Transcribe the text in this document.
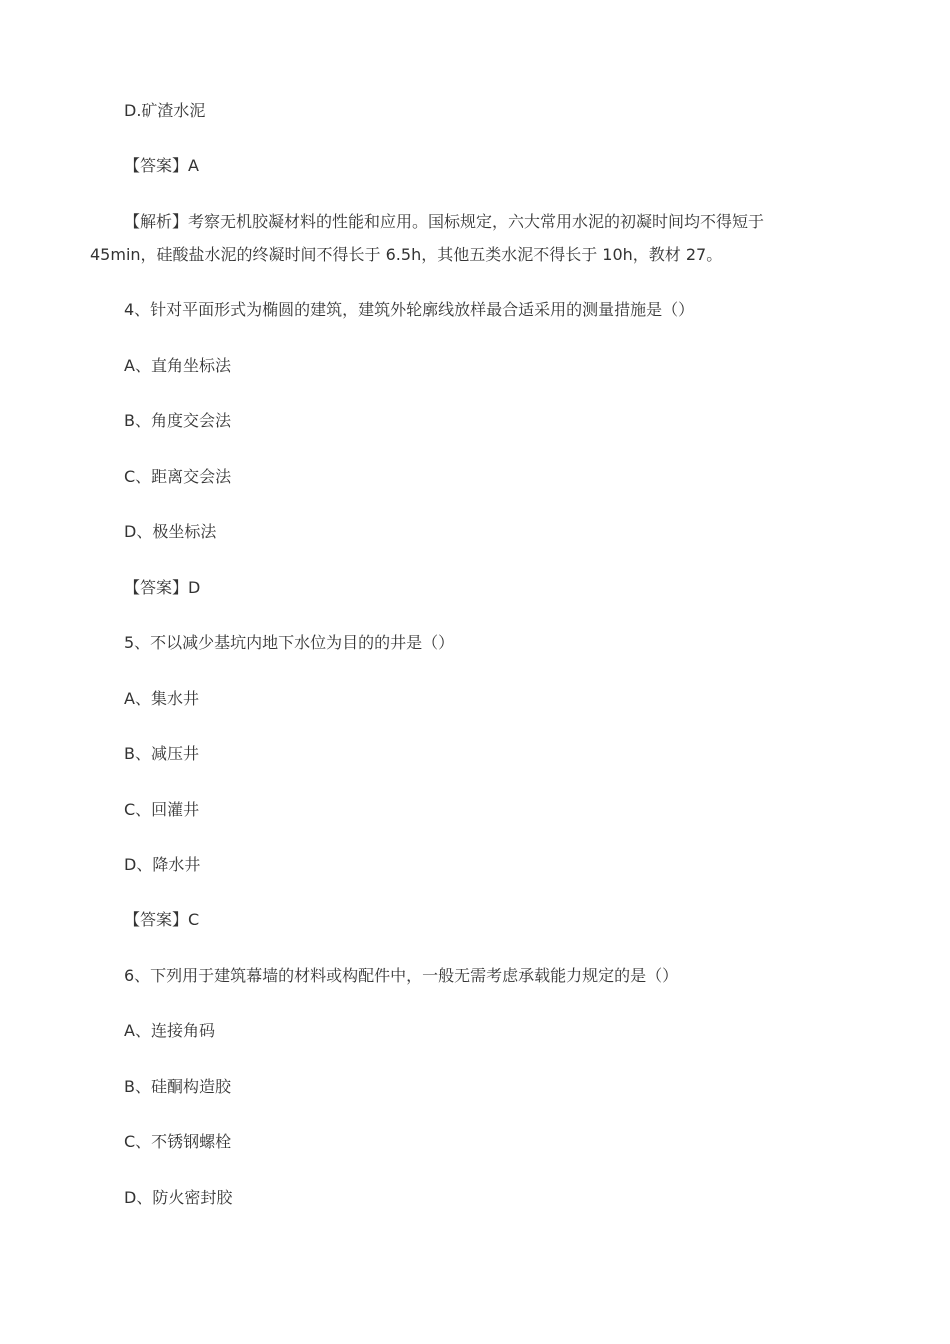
D.矿渣水泥
【答案】A
【解析】考察无机胶凝材料的性能和应用。国标规定，六大常用水泥的初凝时间均不得短于
45min，硅酸盐水泥的终凝时间不得长于 6.5h，其他五类水泥不得长于 10h，教材 27。
4、针对平面形式为椭圆的建筑，建筑外轮廓线放样最合适采用的测量措施是（）
A、直角坐标法
B、角度交会法
C、距离交会法
D、极坐标法
【答案】D
5、不以减少基坑内地下水位为目的的井是（）
A、集水井
B、减压井
C、回灌井
D、降水井
【答案】C
6、下列用于建筑幕墙的材料或构配件中，一般无需考虑承载能力规定的是（）
A、连接角码
B、硅酮构造胶
C、不锈钢螺栓
D、防火密封胶
